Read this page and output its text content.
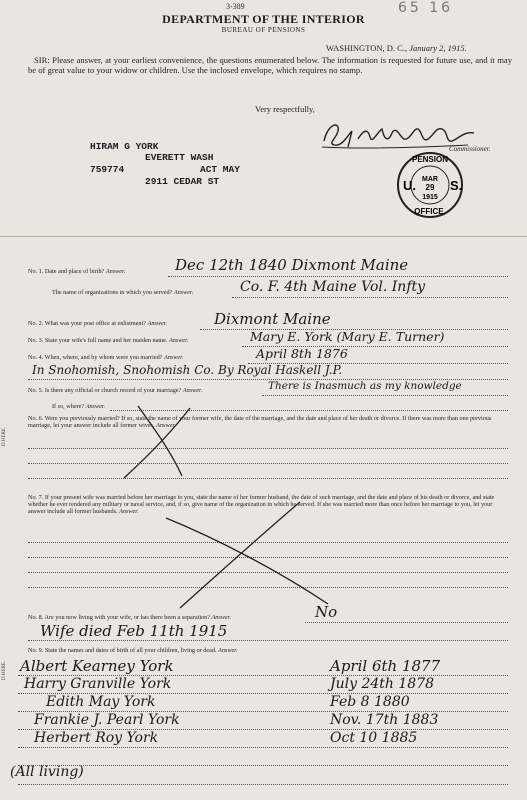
3-389	65 16
DEPARTMENT OF THE INTERIOR
BUREAU OF PENSIONS
WASHINGTON, D. C., January 2, 1915.
SIR: Please answer, at your earliest convenience, the questions enumerated below. The information is requested for future use, and it may be of great value to your widow or children. Use the inclosed envelope, which requires no stamp.
Very respectfully,
Commissioner.
HIRAM G YORK
EVERETT WASH
759774	ACT MAY
2911 CEDAR ST
PENSION
MAR
29
1915
U.	S.
OFFICE.
D HERE.
D HERE.
No. 1. Date and place of birth? Answer.	Dec 12th 1840 Dixmont Maine
The name of organizations in which you served? Answer.	Co. F. 4th Maine Vol. Infty
No. 2. What was your post office at enlistment? Answer.	Dixmont Maine
No. 3. State your wife's full name and her maiden name. Answer.	Mary E. York (Mary E. Turner)
No. 4. When, where, and by whom were you married? Answer.	April 8th 1876
In Snohomish, Snohomish Co. By Royal Haskell J.P.
No. 5. Is there any official or church record of your marriage? Answer.	There is Inasmuch as my knowledge
If so, where? Answer.
No. 6. Were you previously married? If so, state the name of your former wife, the date of the marriage, and the date and place of her death or divorce. If there was more than one previous marriage, let your answer include all former wives. Answer.
No. 7. If your present wife was married before her marriage to you, state the name of her former husband, the date of such marriage, and the date and place of his death or divorce, and state whether he ever rendered any military or naval service, and, if so, give name of the organization in which he served. If she was married more than once before her marriage to you, let your answer include all former husbands. Answer.
No. 8. Are you now living with your wife, or has there been a separation? Answer.	No
Wife died Feb 11th 1915
No. 9. State the names and dates of birth of all your children, living or dead. Answer.
Albert Kearney York	April 6th 1877
Harry Granville York	July 24th 1878
Edith May York	Feb 8 1880
Frankie J. Pearl York	Nov. 17th 1883
Herbert Roy York	Oct 10 1885
(All living)
